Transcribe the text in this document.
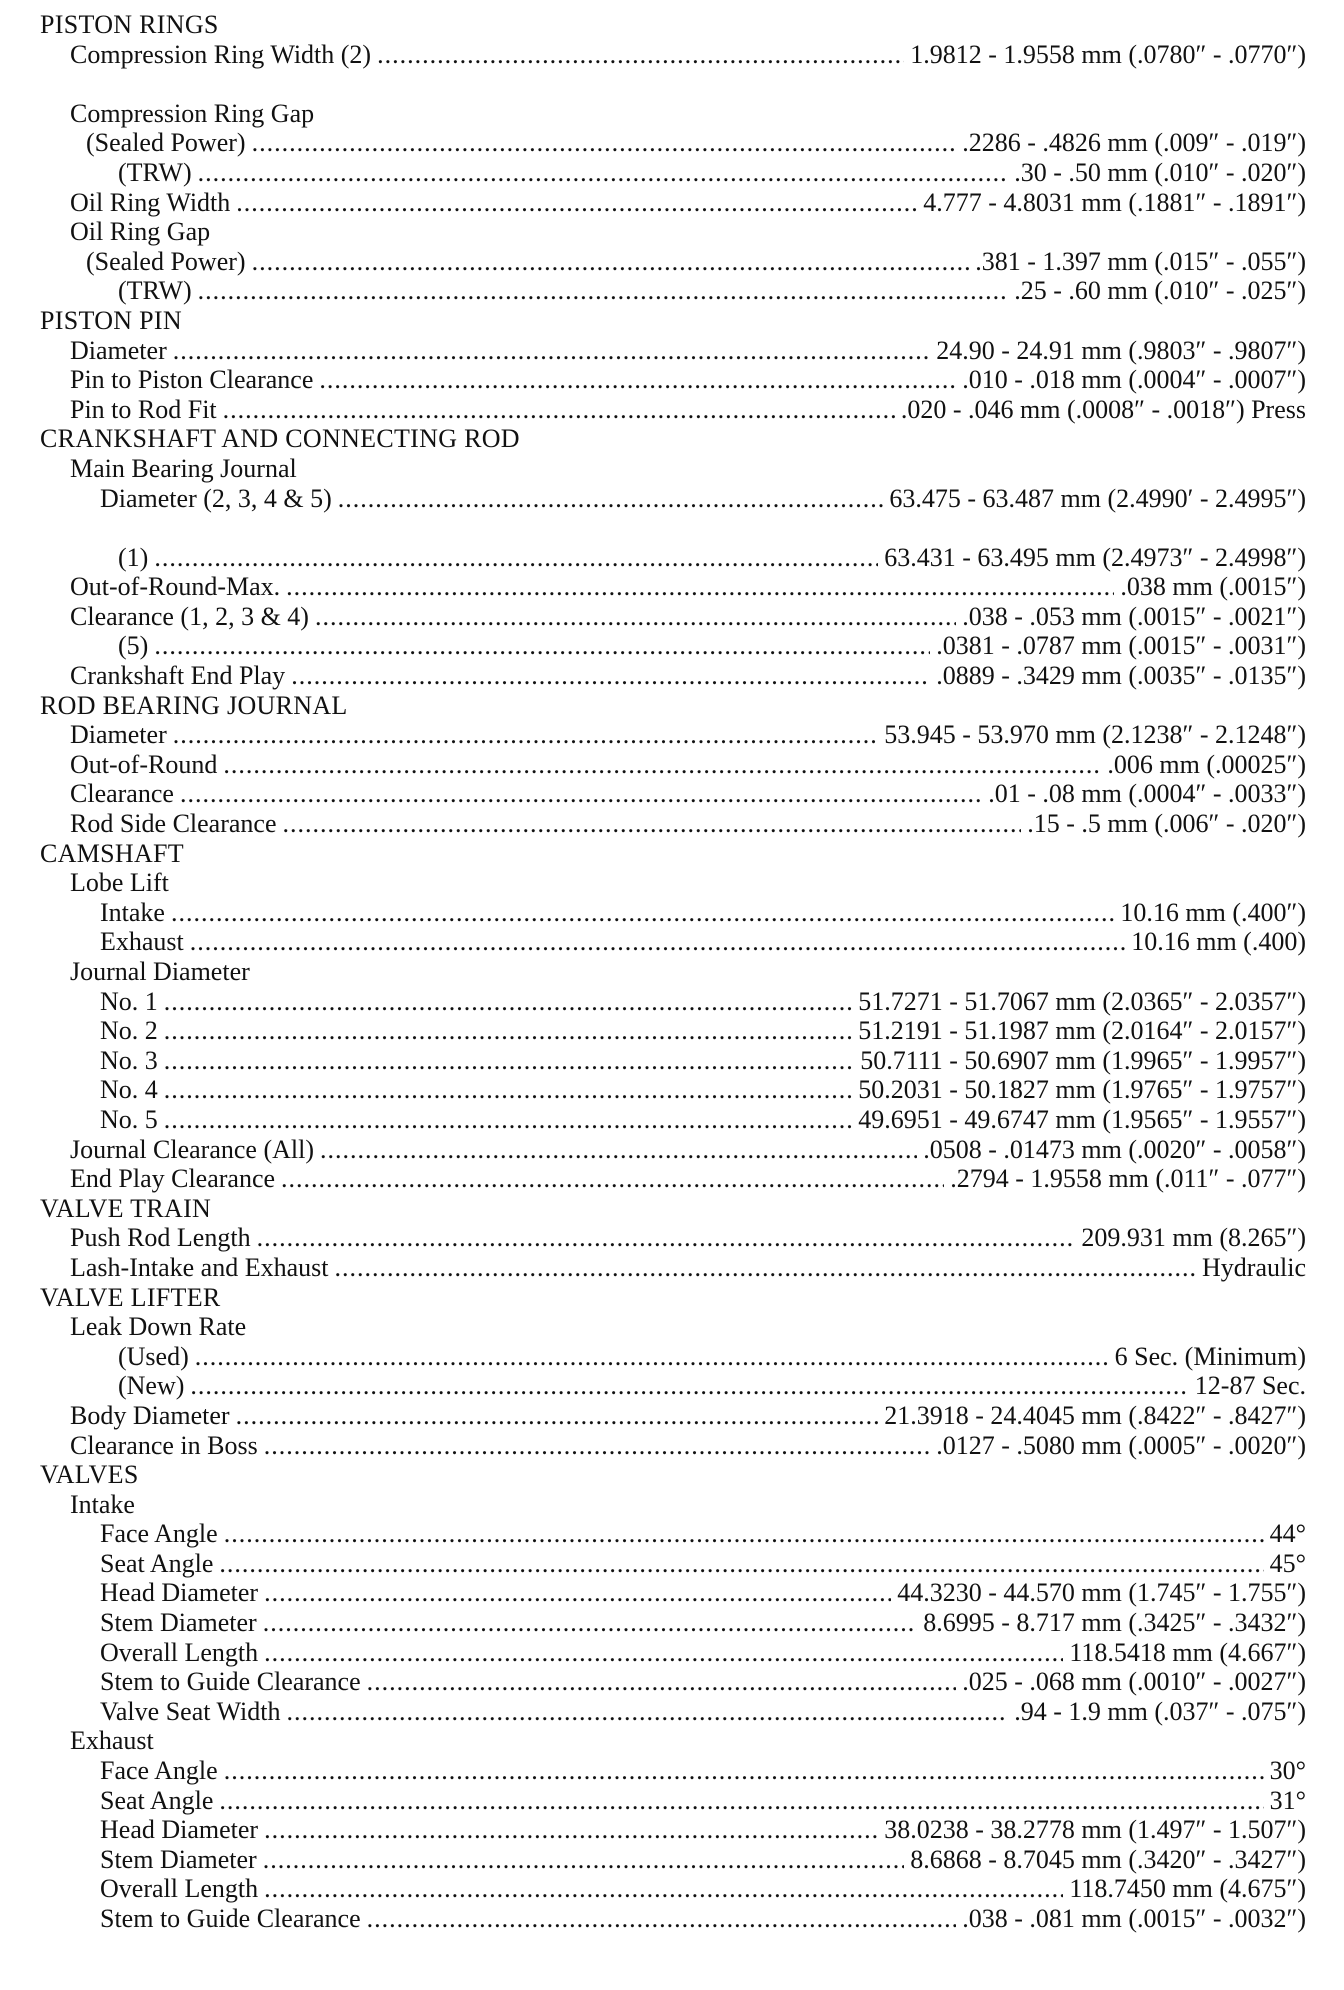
PISTON RINGS
Compression Ring Width (2) .....	1.9812 - 1.9558 mm (.0780″ - .0770″)
Compression Ring Gap
(Sealed Power) .....	.2286 - .4826 mm (.009″ - .019″)
(TRW) .....	.30 - .50 mm (.010″ - .020″)
Oil Ring Width .....	4.777 - 4.8031 mm (.1881″ - .1891″)
Oil Ring Gap
(Sealed Power) .....	.381 - 1.397 mm (.015″ - .055″)
(TRW) .....	.25 - .60 mm (.010″ - .025″)
PISTON PIN
Diameter .....	24.90 - 24.91 mm (.9803″ - .9807″)
Pin to Piston Clearance .....	.010 - .018 mm (.0004″ - .0007″)
Pin to Rod Fit .....	.020 - .046 mm (.0008″ - .0018″) Press
CRANKSHAFT AND CONNECTING ROD
Main Bearing Journal
Diameter (2, 3, 4 & 5) .....	63.475 - 63.487 mm (2.4990′ - 2.4995″)
(1) .....	63.431 - 63.495 mm (2.4973″ - 2.4998″)
Out-of-Round-Max. .....	.038 mm (.0015″)
Clearance (1, 2, 3 & 4) .....	.038 - .053 mm (.0015″ - .0021″)
(5) .....	.0381 - .0787 mm (.0015″ - .0031″)
Crankshaft End Play .....	.0889 - .3429 mm (.0035″ - .0135″)
ROD BEARING JOURNAL
Diameter .....	53.945 - 53.970 mm (2.1238″ - 2.1248″)
Out-of-Round .....	.006 mm (.00025″)
Clearance .....	.01 - .08 mm (.0004″ - .0033″)
Rod Side Clearance .....	.15 - .5 mm (.006″ - .020″)
CAMSHAFT
Lobe Lift
Intake .....	10.16 mm (.400″)
Exhaust .....	10.16 mm (.400)
Journal Diameter
No. 1 .....	51.7271 - 51.7067 mm (2.0365″ - 2.0357″)
No. 2 .....	51.2191 - 51.1987 mm (2.0164″ - 2.0157″)
No. 3 .....	50.7111 - 50.6907 mm (1.9965″ - 1.9957″)
No. 4 .....	50.2031 - 50.1827 mm (1.9765″ - 1.9757″)
No. 5 .....	49.6951 - 49.6747 mm (1.9565″ - 1.9557″)
Journal Clearance (All) .....	.0508 - .01473 mm (.0020″ - .0058″)
End Play Clearance .....	.2794 - 1.9558 mm (.011″ - .077″)
VALVE TRAIN
Push Rod Length .....	209.931 mm (8.265″)
Lash-Intake and Exhaust .....	Hydraulic
VALVE LIFTER
Leak Down Rate
(Used) .....	6 Sec. (Minimum)
(New) .....	12-87 Sec.
Body Diameter .....	21.3918 - 24.4045 mm (.8422″ - .8427″)
Clearance in Boss .....	.0127 - .5080 mm (.0005″ - .0020″)
VALVES
Intake
Face Angle .....	44°
Seat Angle .....	45°
Head Diameter .....	44.3230 - 44.570 mm (1.745″ - 1.755″)
Stem Diameter .....	8.6995 - 8.717 mm (.3425″ - .3432″)
Overall Length .....	118.5418 mm (4.667″)
Stem to Guide Clearance .....	.025 - .068 mm (.0010″ - .0027″)
Valve Seat Width .....	.94 - 1.9 mm (.037″ - .075″)
Exhaust
Face Angle .....	30°
Seat Angle .....	31°
Head Diameter .....	38.0238 - 38.2778 mm (1.497″ - 1.507″)
Stem Diameter .....	8.6868 - 8.7045 mm (.3420″ - .3427″)
Overall Length .....	118.7450 mm (4.675″)
Stem to Guide Clearance .....	.038 - .081 mm (.0015″ - .0032″)
